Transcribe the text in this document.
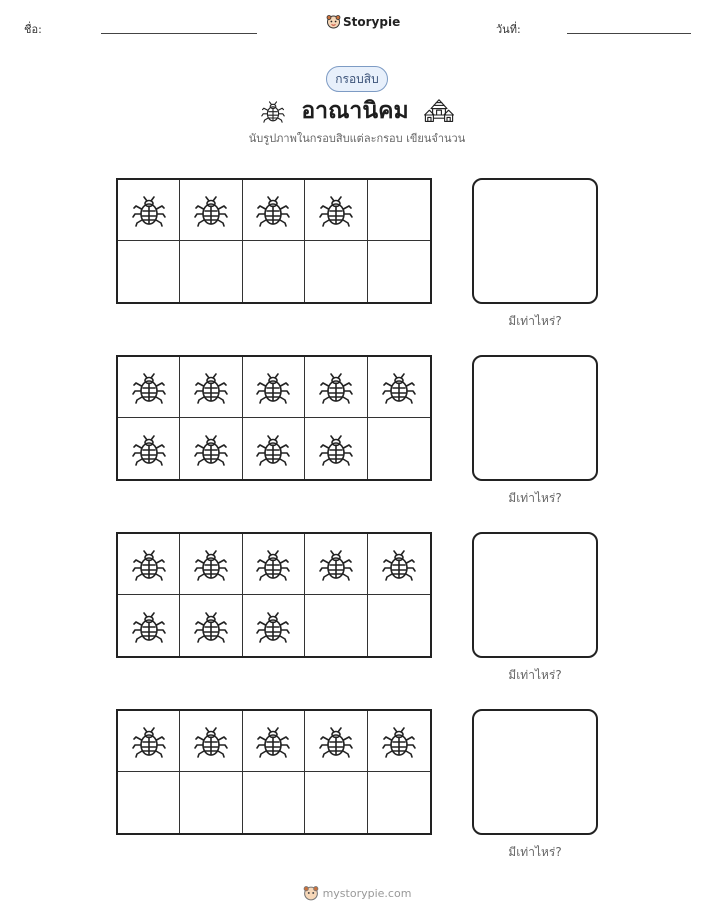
ชื่อ:
Storypie
วันที่:
กรอบสิบ
อาณานิคม
นับรูปภาพในกรอบสิบแต่ละกรอบ เขียนจำนวน
มีเท่าไหร่?
มีเท่าไหร่?
มีเท่าไหร่?
มีเท่าไหร่?
mystorypie.com
